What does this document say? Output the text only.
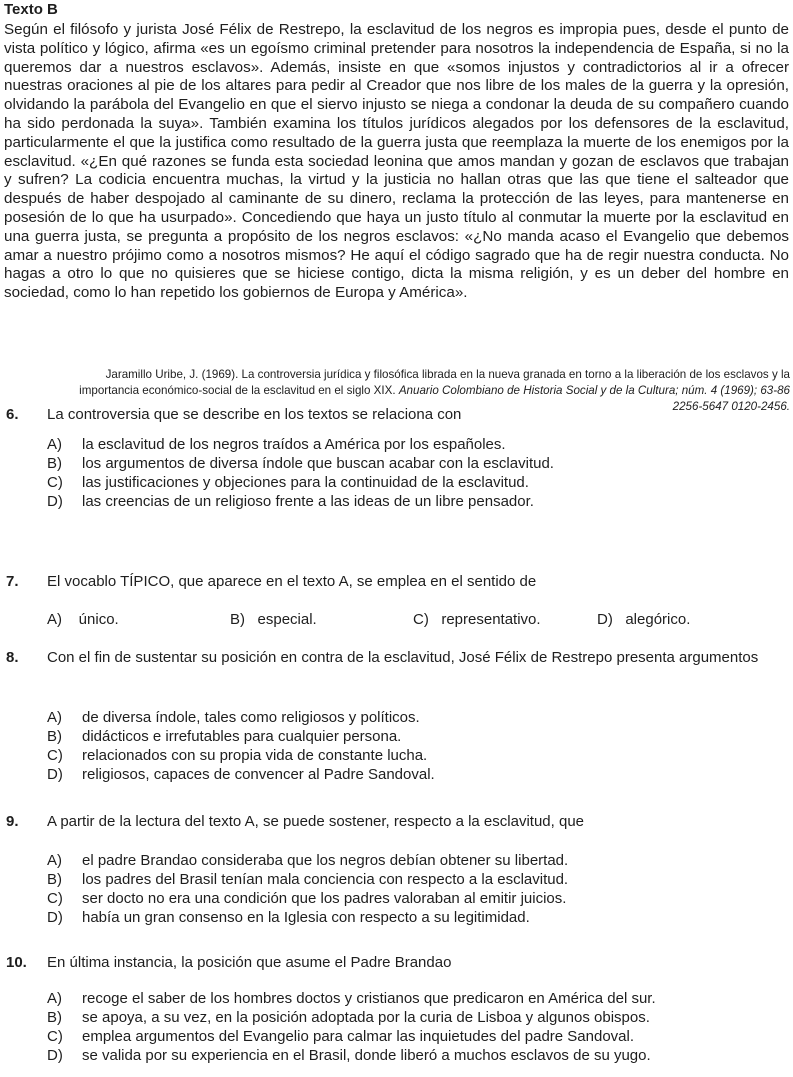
Texto B

Según el filósofo y jurista José Félix de Restrepo, la esclavitud de los negros es impropia pues, desde el punto de vista político y lógico, afirma «es un egoísmo criminal pretender para nosotros la independencia de España, si no la queremos dar a nuestros esclavos». Además, insiste en que «somos injustos y contradictorios al ir a ofrecer nuestras oraciones al pie de los altares para pedir al Creador que nos libre de los males de la guerra y la opresión, olvidando la parábola del Evangelio en que el siervo injusto se niega a condonar la deuda de su compañero cuando ha sido perdonada la suya». También examina los títulos jurídicos alegados por los defensores de la esclavitud, particularmente el que la justifica como resultado de la guerra justa que reemplaza la muerte de los enemigos por la esclavitud. «¿En qué razones se funda esta sociedad leonina que amos mandan y gozan de esclavos que trabajan y sufren? La codicia encuentra muchas, la virtud y la justicia no hallan otras que las que tiene el salteador que después de haber despojado al caminante de su dinero, reclama la protección de las leyes, para mantenerse en posesión de lo que ha usurpado». Concediendo que haya un justo título al conmutar la muerte por la esclavitud en una guerra justa, se pregunta a propósito de los negros esclavos: «¿No manda acaso el Evangelio que debemos amar a nuestro prójimo como a nosotros mismos? He aquí el código sagrado que ha de regir nuestra conducta. No hagas a otro lo que no quisieres que se hiciese contigo, dicta la misma religión, y es un deber del hombre en sociedad, como lo han repetido los gobiernos de Europa y América».

Jaramillo Uribe, J. (1969). La controversia jurídica y filosófica librada en la nueva granada en torno a la liberación de los esclavos y la importancia económico-social de la esclavitud en el siglo XIX. Anuario Colombiano de Historia Social y de la Cultura; núm. 4 (1969); 63-86 2256-5647 0120-2456.

6. La controversia que se describe en los textos se relaciona con

A) la esclavitud de los negros traídos a América por los españoles.
B) los argumentos de diversa índole que buscan acabar con la esclavitud.
C) las justificaciones y objeciones para la continuidad de la esclavitud.
D) las creencias de un religioso frente a las ideas de un libre pensador.
7. El vocablo TÍPICO, que aparece en el texto A, se emplea en el sentido de

A) único.	B) especial.	C) representativo.	D) alegórico.
8. Con el fin de sustentar su posición en contra de la esclavitud, José Félix de Restrepo presenta argumentos

A) de diversa índole, tales como religiosos y políticos.
B) didácticos e irrefutables para cualquier persona.
C) relacionados con su propia vida de constante lucha.
D) religiosos, capaces de convencer al Padre Sandoval.
9. A partir de la lectura del texto A, se puede sostener, respecto a la esclavitud, que

A) el padre Brandao consideraba que los negros debían obtener su libertad.
B) los padres del Brasil tenían mala conciencia con respecto a la esclavitud.
C) ser docto no era una condición que los padres valoraban al emitir juicios.
D) había un gran consenso en la Iglesia con respecto a su legitimidad.
10. En última instancia, la posición que asume el Padre Brandao

A) recoge el saber de los hombres doctos y cristianos que predicaron en América del sur.
B) se apoya, a su vez, en la posición adoptada por la curia de Lisboa y algunos obispos.
C) emplea argumentos del Evangelio para calmar las inquietudes del padre Sandoval.
D) se valida por su experiencia en el Brasil, donde liberó a muchos esclavos de su yugo.
